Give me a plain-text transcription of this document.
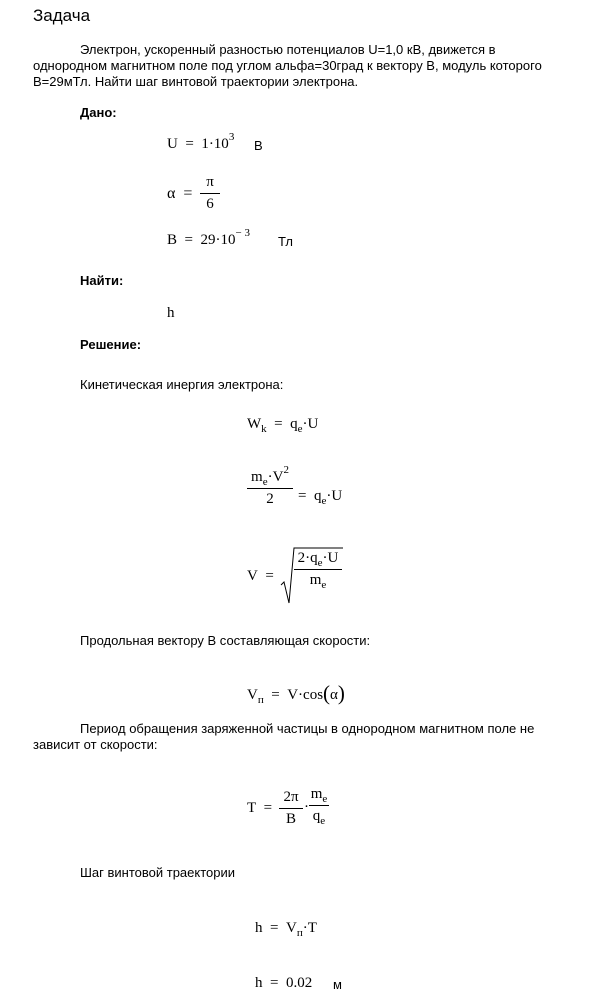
Задача
Электрон, ускоренный разностью потенциалов U=1,0 кВ, движется в
однородном магнитном поле под углом альфа=30град к вектору B, модуль которого
B=29мТл. Найти шаг винтовой траектории электрона.
Дано:
$U = 1\cdot 10^3$
В
α =
π
6
$B = 29\cdot 10^{- 3}$
Тл
Найти:
h
Решение:
Кинетическая инергия электрона:
$W_k = q_e\cdot U$
$m_e\cdot V^2$
2	= $q_e\cdot U$
V =
$2\cdot q_e\cdot U$
$m_e$
Продольная вектору B составляющая скорости:
$V_п = V\cdot\cos(\alpha)$
Период обращения заряженной частицы в однородном магнитном поле не
зависит от скорости:
T =
2π
B
·
$m_e$
$q_e$
Шаг винтовой траектории
$h = V_п\cdot T$
h = 0.02 м
